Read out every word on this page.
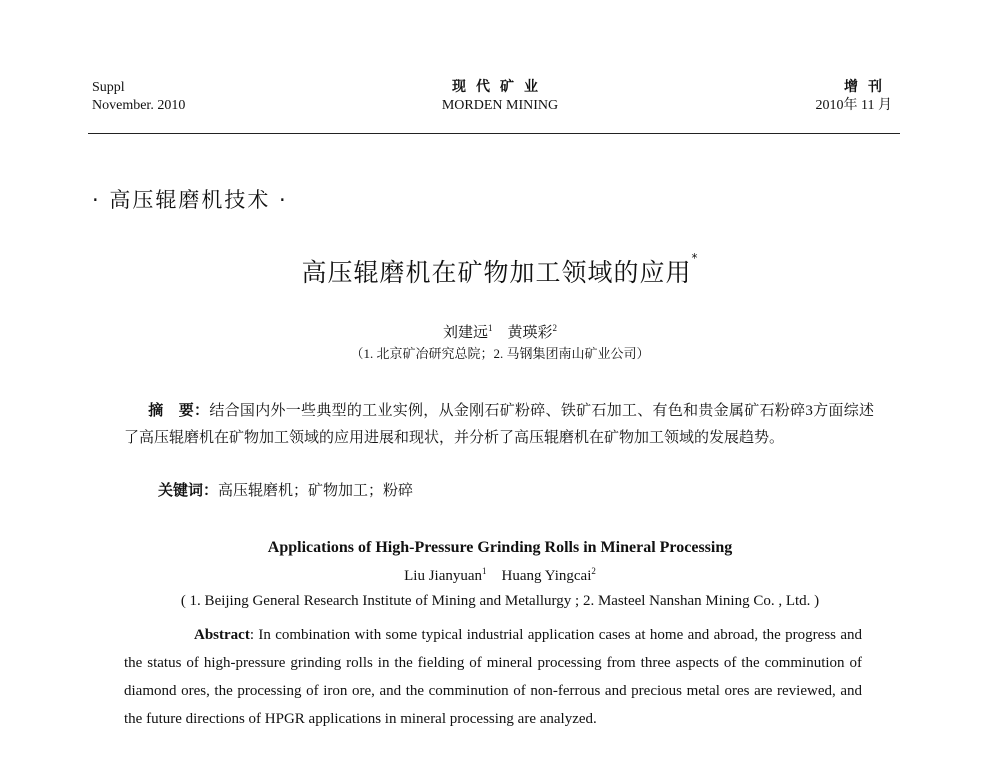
Suppl
November. 2010
现代矿业
MORDEN MINING
增刊
2010年 11 月
· 高压辊磨机技术 ·
高压辊磨机在矿物加工领域的应用*
刘建远$^1$ 黄瑛彩$^2$
（1. 北京矿冶研究总院；2. 马钢集团南山矿业公司）
摘　要：结合国内外一些典型的工业实例，从金刚石矿粉碎、铁矿石加工、有色和贵金属矿石粉碎3方面综述了高压辊磨机在矿物加工领域的应用进展和现状，并分析了高压辊磨机在矿物加工领域的发展趋势。
关键词：高压辊磨机；矿物加工；粉碎
Applications of High-Pressure Grinding Rolls in Mineral Processing
Liu Jianyuan$^1$ Huang Yingcai$^2$
( 1. Beijing General Research Institute of Mining and Metallurgy ; 2. Masteel Nanshan Mining Co. , Ltd. )
Abstract: In combination with some typical industrial application cases at home and abroad, the progress and the status of high-pressure grinding rolls in the fielding of mineral processing from three aspects of the comminution of diamond ores, the processing of iron ore, and the comminution of non-ferrous and precious metal ores are reviewed, and the future directions of HPGR applications in mineral processing are analyzed.
